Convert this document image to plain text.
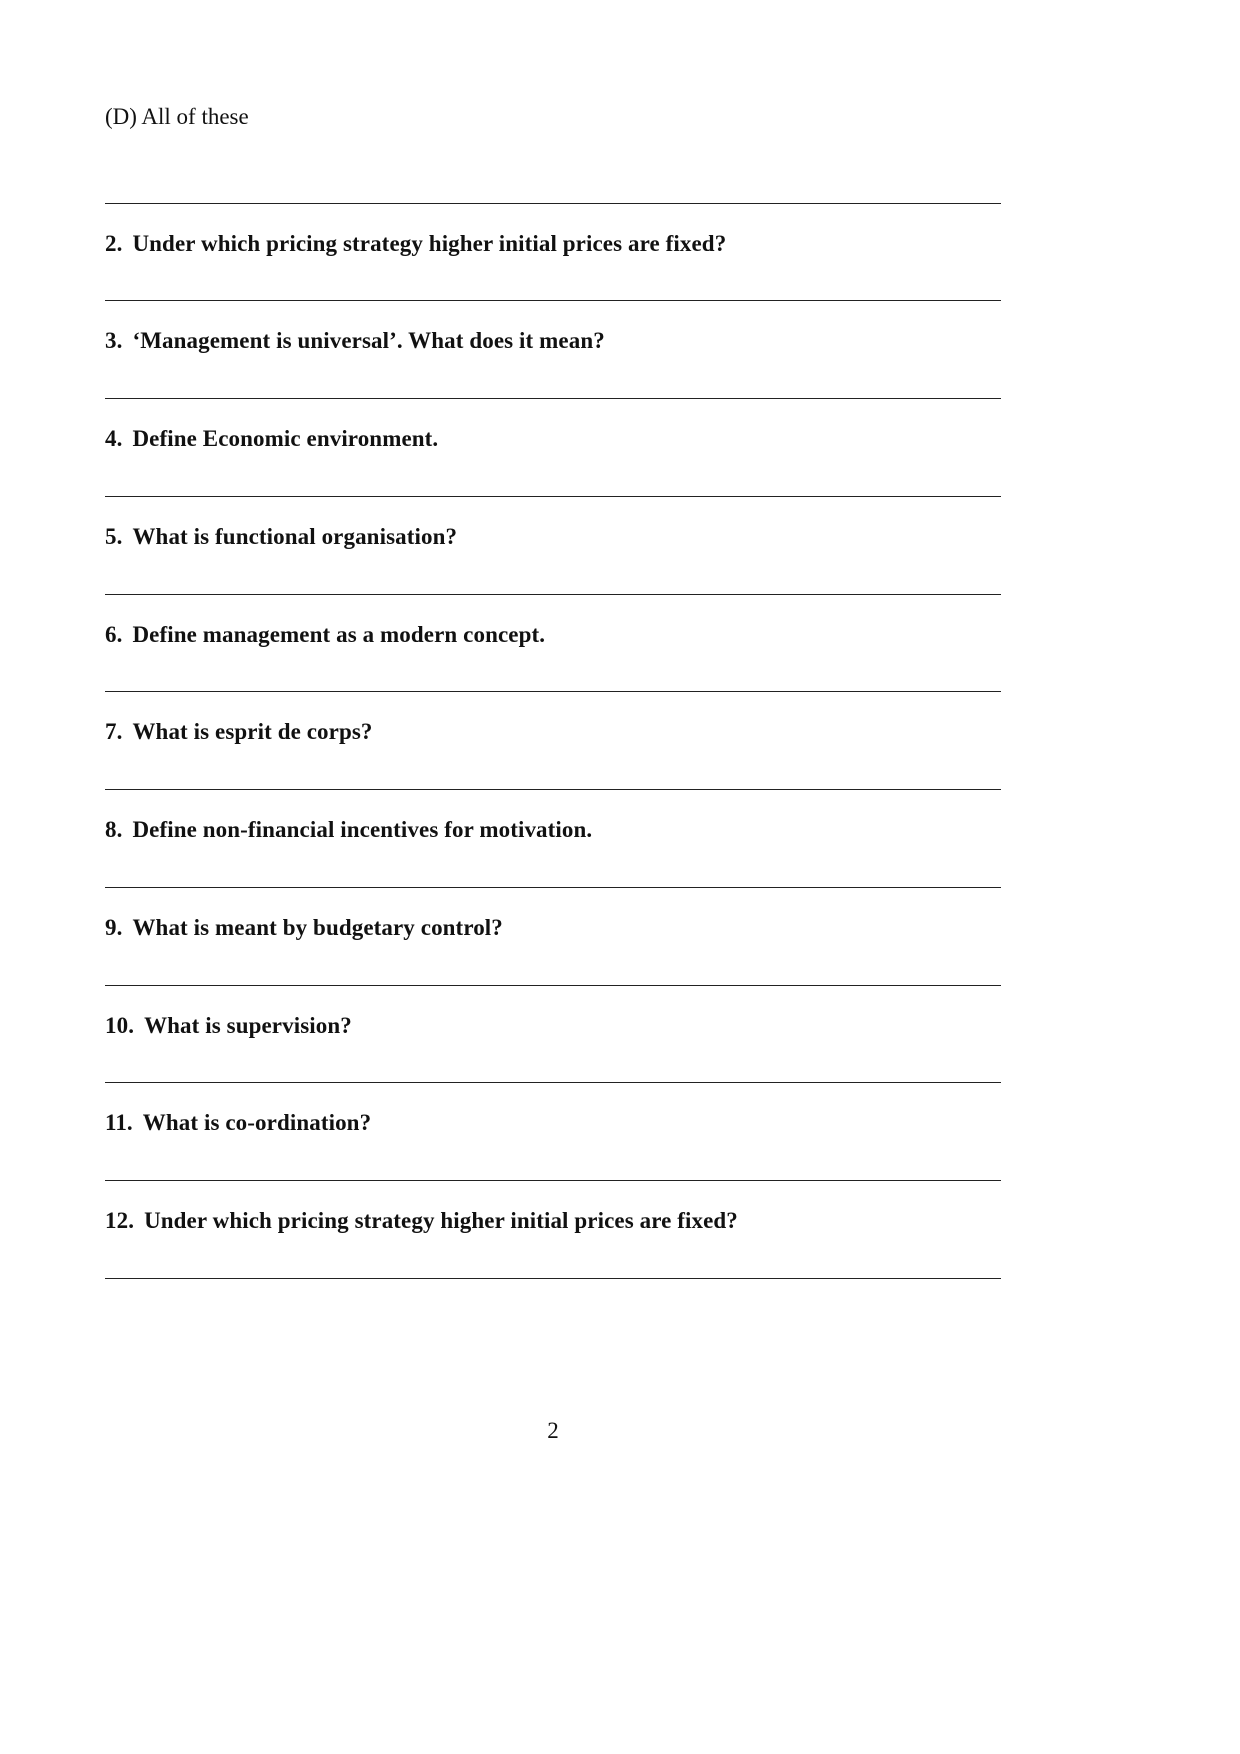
(D) All of these
2. Under which pricing strategy higher initial prices are fixed?
3. ‘Management is universal’. What does it mean?
4. Define Economic environment.
5. What is functional organisation?
6. Define management as a modern concept.
7. What is esprit de corps?
8. Define non-financial incentives for motivation.
9. What is meant by budgetary control?
10. What is supervision?
11. What is co-ordination?
12. Under which pricing strategy higher initial prices are fixed?
2
